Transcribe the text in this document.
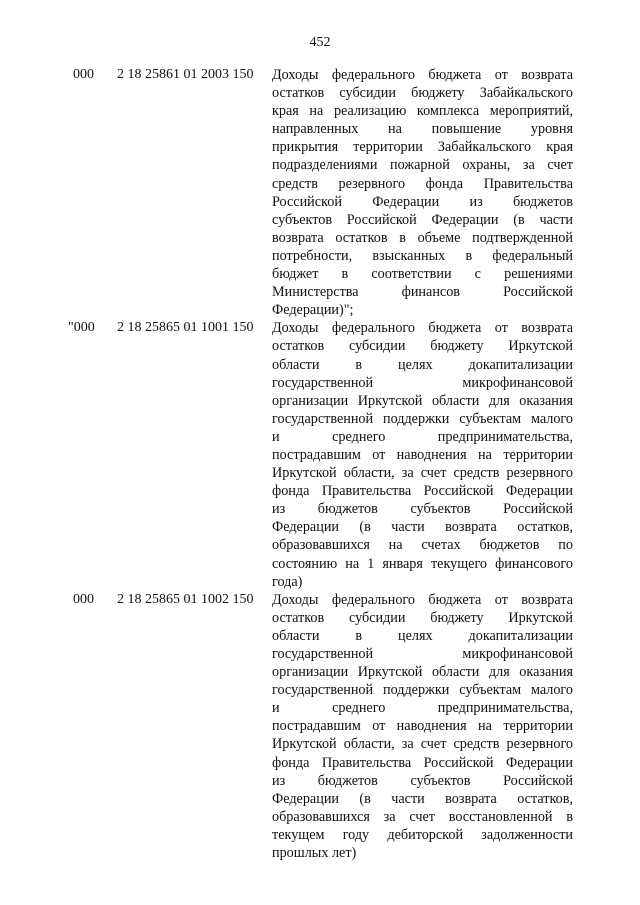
452
000 2 18 25861 01 2003 150 Доходы федерального бюджета от возврата
остатков субсидии бюджету Забайкальского
края на реализацию комплекса мероприятий,
направленных на повышение уровня
прикрытия территории Забайкальского края
подразделениями пожарной охраны, за счет
средств резервного фонда Правительства
Российской Федерации из бюджетов
субъектов Российской Федерации (в части
возврата остатков в объеме подтвержденной
потребности, взысканных в федеральный
бюджет в соответствии с решениями
Министерства финансов Российской
Федерации)";
"000 2 18 25865 01 1001 150 Доходы федерального бюджета от возврата
остатков субсидии бюджету Иркутской
области в целях докапитализации
государственной микрофинансовой
организации Иркутской области для оказания
государственной поддержки субъектам малого
и среднего предпринимательства,
пострадавшим от наводнения на территории
Иркутской области, за счет средств резервного
фонда Правительства Российской Федерации
из бюджетов субъектов Российской
Федерации (в части возврата остатков,
образовавшихся на счетах бюджетов по
состоянию на 1 января текущего финансового
года)
000 2 18 25865 01 1002 150 Доходы федерального бюджета от возврата
остатков субсидии бюджету Иркутской
области в целях докапитализации
государственной микрофинансовой
организации Иркутской области для оказания
государственной поддержки субъектам малого
и среднего предпринимательства,
пострадавшим от наводнения на территории
Иркутской области, за счет средств резервного
фонда Правительства Российской Федерации
из бюджетов субъектов Российской
Федерации (в части возврата остатков,
образовавшихся за счет восстановленной в
текущем году дебиторской задолженности
прошлых лет)
